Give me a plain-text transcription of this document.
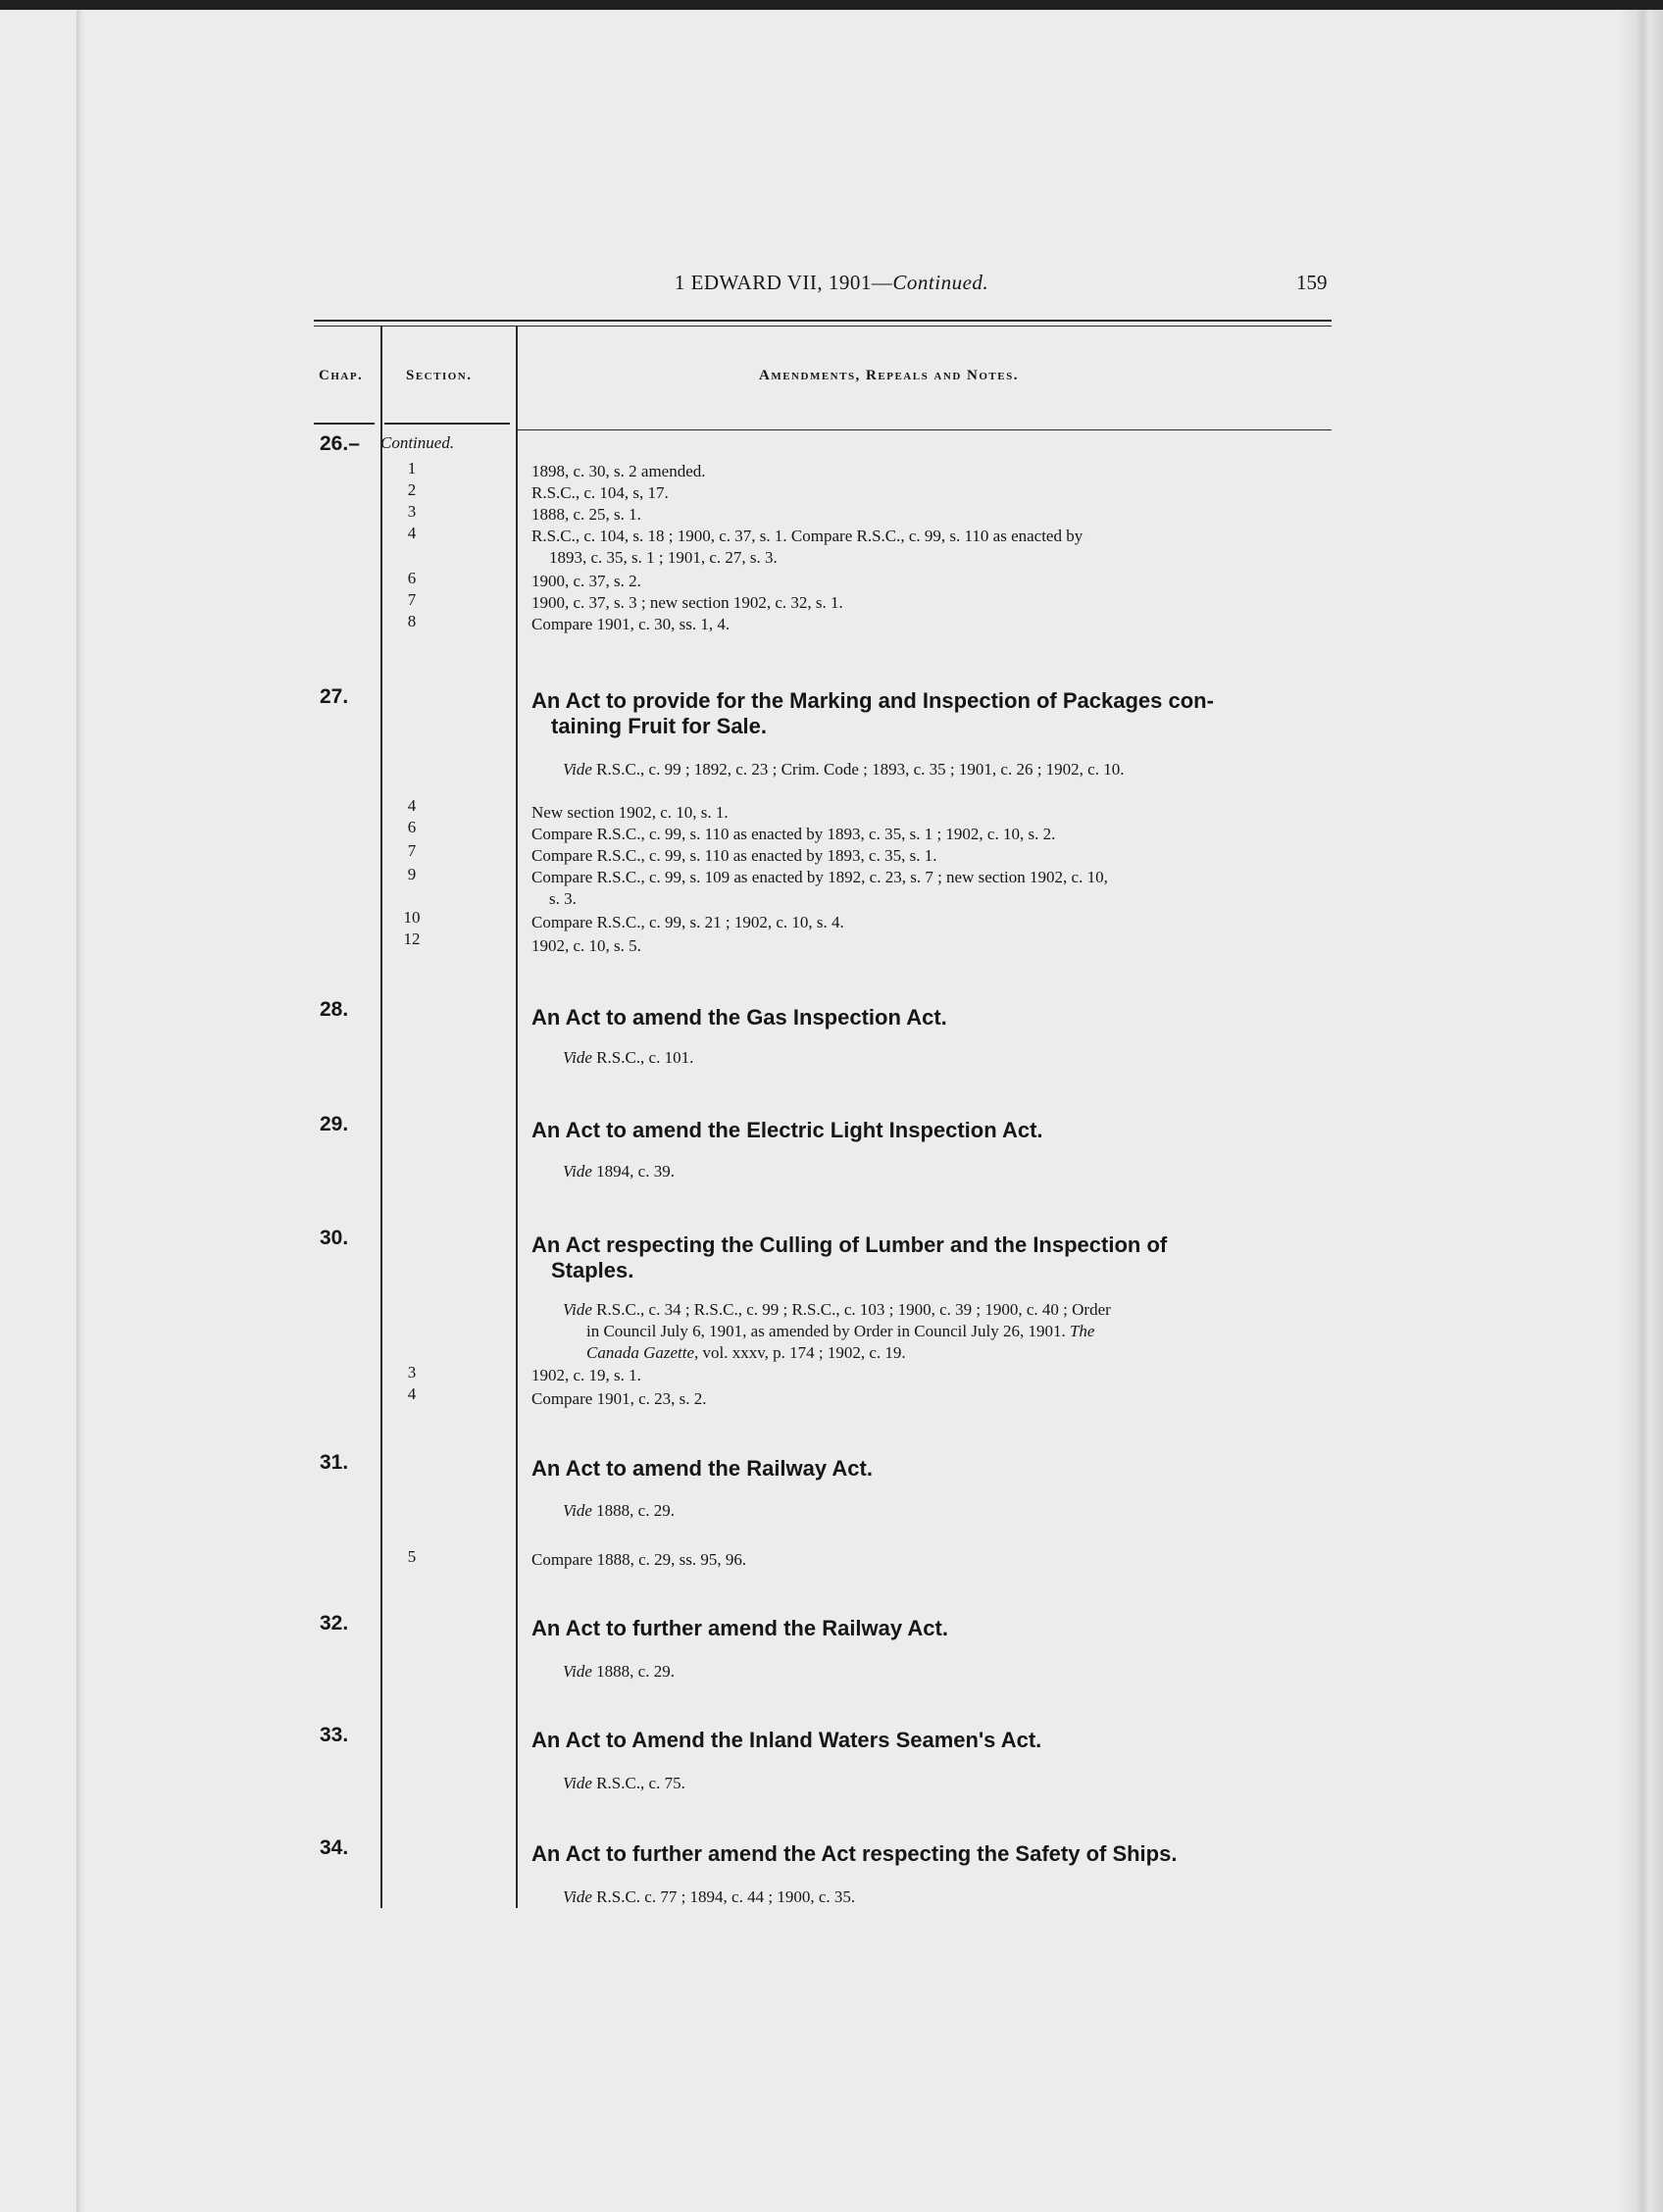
1 EDWARD VII, 1901—Continued.	159
Chap.	Section.	Amendments, Repeals and Notes.
26.–	Continued.
1	1898, c. 30, s. 2 amended.
2	R.S.C., c. 104, s, 17.
3	1888, c. 25, s. 1.
4	R.S.C., c. 104, s. 18 ; 1900, c. 37, s. 1. Compare R.S.C., c. 99, s. 110 as enacted by
1893, c. 35, s. 1 ; 1901, c. 27, s. 3.
6	1900, c. 37, s. 2.
7	1900, c. 37, s. 3 ; new section 1902, c. 32, s. 1.
8	Compare 1901, c. 30, ss. 1, 4.
27.	An Act to provide for the Marking and Inspection of Packages con-
taining Fruit for Sale.
Vide R.S.C., c. 99 ; 1892, c. 23 ; Crim. Code ; 1893, c. 35 ; 1901, c. 26 ; 1902, c. 10.
4	New section 1902, c. 10, s. 1.
6	Compare R.S.C., c. 99, s. 110 as enacted by 1893, c. 35, s. 1 ; 1902, c. 10, s. 2.
7	Compare R.S.C., c. 99, s. 110 as enacted by 1893, c. 35, s. 1.
9	Compare R.S.C., c. 99, s. 109 as enacted by 1892, c. 23, s. 7 ; new section 1902, c. 10,
s. 3.
10	Compare R.S.C., c. 99, s. 21 ; 1902, c. 10, s. 4.
12	1902, c. 10, s. 5.
28.	An Act to amend the Gas Inspection Act.
Vide R.S.C., c. 101.
29.	An Act to amend the Electric Light Inspection Act.
Vide 1894, c. 39.
30.	An Act respecting the Culling of Lumber and the Inspection of
Staples.
Vide R.S.C., c. 34 ; R.S.C., c. 99 ; R.S.C., c. 103 ; 1900, c. 39 ; 1900, c. 40 ; Order
in Council July 6, 1901, as amended by Order in Council July 26, 1901. The
Canada Gazette, vol. xxxv, p. 174 ; 1902, c. 19.
3	1902, c. 19, s. 1.
4	Compare 1901, c. 23, s. 2.
31.	An Act to amend the Railway Act.
Vide 1888, c. 29.
5	Compare 1888, c. 29, ss. 95, 96.
32.	An Act to further amend the Railway Act.
Vide 1888, c. 29.
33.	An Act to Amend the Inland Waters Seamen's Act.
Vide R.S.C., c. 75.
34.	An Act to further amend the Act respecting the Safety of Ships.
Vide R.S.C. c. 77 ; 1894, c. 44 ; 1900, c. 35.
